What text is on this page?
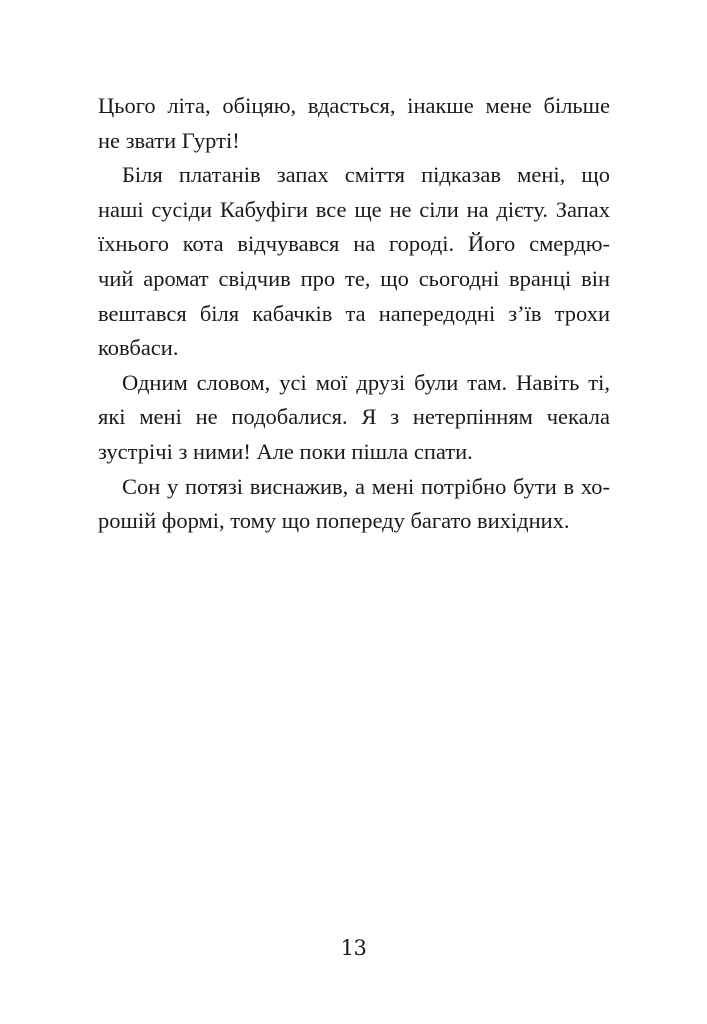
Цього літа, обіцяю, вдасться, інакше мене більше
не звати Гурті!
Біля платанів запах сміття підказав мені, що
наші сусіди Кабуфіги все ще не сіли на дієту. Запах
їхнього кота відчувався на городі. Його смердю-
чий аромат свідчив про те, що сьогодні вранці він
вештався біля кабачків та напередодні з’їв трохи
ковбаси.
Одним словом, усі мої друзі були там. Навіть ті,
які мені не подобалися. Я з нетерпінням чекала
зустрічі з ними! Але поки пішла спати.
Сон у потязі виснажив, а мені потрібно бути в хо-
рошій формі, тому що попереду багато вихідних.
13
